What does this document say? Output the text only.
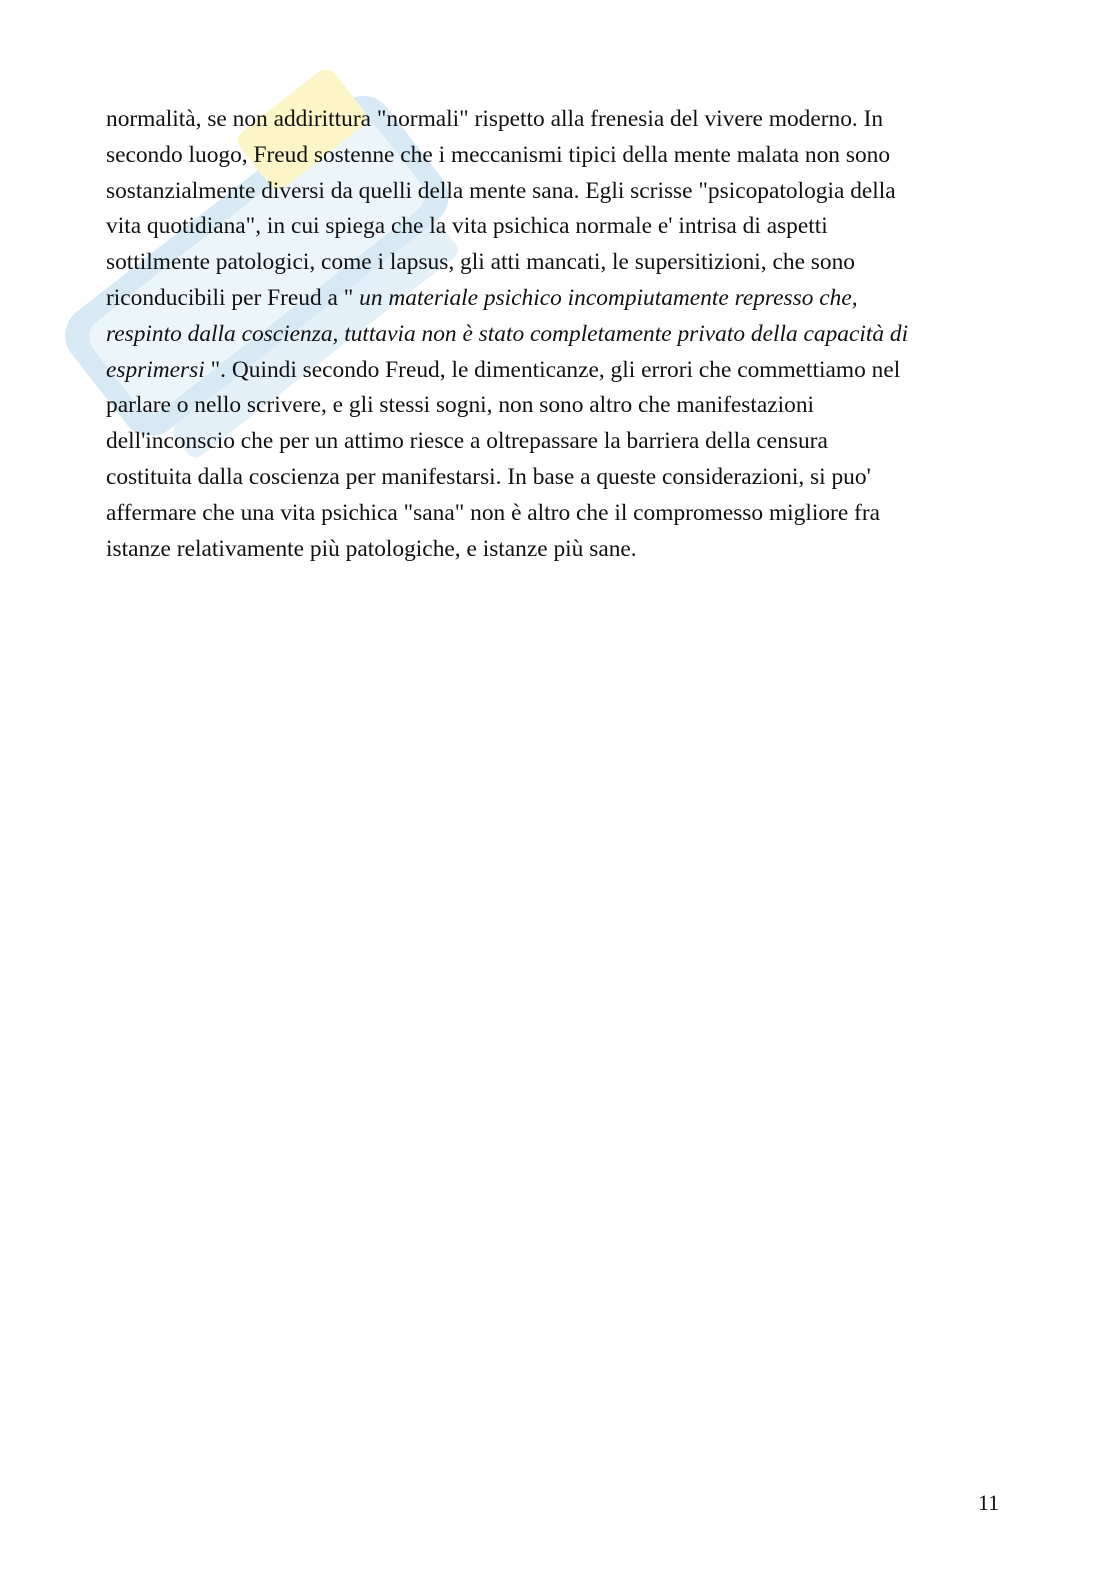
normalità, se non addirittura "normali" rispetto alla frenesia del vivere moderno. In
secondo luogo, Freud sostenne che i meccanismi tipici della mente malata non sono
sostanzialmente diversi da quelli della mente sana. Egli scrisse "psicopatologia della
vita quotidiana", in cui spiega che la vita psichica normale e' intrisa di aspetti
sottilmente patologici, come i lapsus, gli atti mancati, le supersitizioni, che sono
riconducibili per Freud a " un materiale psichico incompiutamente represso che,
respinto dalla coscienza, tuttavia non è stato completamente privato della capacità di
esprimersi ". Quindi secondo Freud, le dimenticanze, gli errori che commettiamo nel
parlare o nello scrivere, e gli stessi sogni, non sono altro che manifestazioni
dell'inconscio che per un attimo riesce a oltrepassare la barriera della censura
costituita dalla coscienza per manifestarsi. In base a queste considerazioni, si puo'
affermare che una vita psichica "sana" non è altro che il compromesso migliore fra
istanze relativamente più patologiche, e istanze più sane.
11
